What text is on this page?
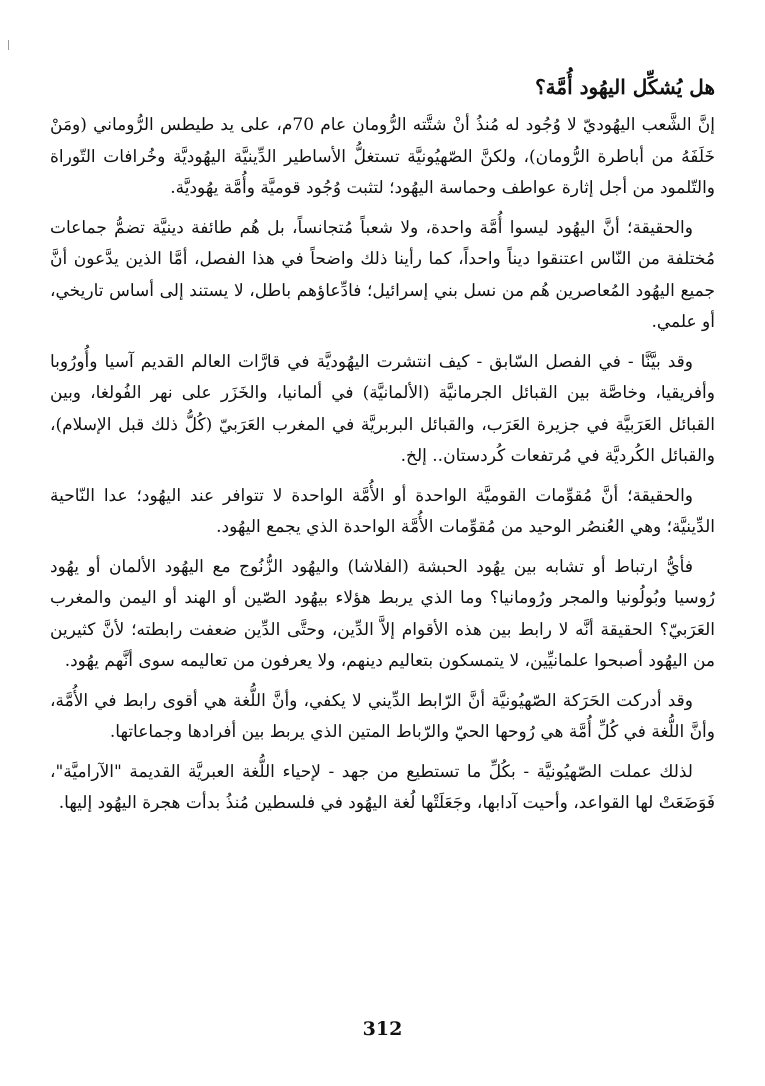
هل يُشكِّل اليهُود أُمَّة؟

إنَّ الشَّعب اليهُوديّ لا وُجُود له مُنذُ أنْ شتَّته الرُّومان عام 70م، على يد طيطس الرُّوماني (ومَنْ خَلَفَهُ من أباطرة الرُّومان)، ولكنَّ الصّهيُونيَّة تستغلُّ الأساطير الدِّينيَّة اليهُوديَّة وخُرافات التّوراة والتّلمود من أجل إثارة عواطف وحماسة اليهُود؛ لتثبت وُجُود قوميَّة وأُمَّة يهُوديَّة.

والحقيقة؛ أنَّ اليهُود ليسوا أُمَّة واحدة، ولا شعباً مُتجانساً، بل هُم طائفة دينيَّة تضمُّ جماعات مُختلفة من النّاس اعتنقوا ديناً واحداً، كما رأينا ذلك واضحاً في هذا الفصل، أمَّا الذين يدَّعون أنَّ جميع اليهُود المُعاصرين هُم من نسل بني إسرائيل؛ فادِّعاؤهم باطل، لا يستند إلى أساس تاريخي، أو علمي.

وقد بيَّنَّا - في الفصل السّابق - كيف انتشرت اليهُوديَّة في قارَّات العالم القديم آسيا وأُورُوبا وأفريقيا، وخاصَّة بين القبائل الجرمانيَّة (الألمانيَّة) في ألمانيا، والخَزَر على نهر الفُولغا، وبين القبائل العَرَبيَّة في جزيرة العَرَب، والقبائل البربريَّة في المغرب العَرَبيّ (كُلُّ ذلك قبل الإسلام)، والقبائل الكُرديَّة في مُرتفعات كُردستان.. إلخ.

والحقيقة؛ أنَّ مُقوِّمات القوميَّة الواحدة أو الأُمَّة الواحدة لا تتوافر عند اليهُود؛ عدا النّاحية الدِّينيَّة؛ وهي العُنصُر الوحيد من مُقوِّمات الأُمَّة الواحدة الذي يجمع اليهُود.

فأيُّ ارتباط أو تشابه بين يهُود الحبشة (الفلاشا) واليهُود الزُّنُوج مع اليهُود الألمان أو يهُود رُوسيا وبُولُونيا والمجر ورُومانيا؟ وما الذي يربط هؤلاء بيهُود الصّين أو الهند أو اليمن والمغرب العَرَبيّ؟ الحقيقة أنَّه لا رابط بين هذه الأقوام إلاَّ الدِّين، وحتَّى الدِّين ضعفت رابطته؛ لأنَّ كثيرين من اليهُود أصبحوا علمانيِّين، لا يتمسكون بتعاليم دينهم، ولا يعرفون من تعاليمه سوى أنَّهم يهُود.

وقد أدركت الحَرَكة الصّهيُونيَّة أنَّ الرّابط الدِّيني لا يكفي، وأنَّ اللُّغة هي أقوى رابط في الأُمَّة، وأنَّ اللُّغة في كُلِّ أُمَّة هي رُوحها الحيّ والرّباط المتين الذي يربط بين أفرادها وجماعاتها.

لذلك عملت الصّهيُونيَّة - بكُلِّ ما تستطيع من جهد - لإحياء اللُّغة العبريَّة القديمة "الآراميَّة"، فَوَضَعَتْ لها القواعد، وأحيت آدابها، وجَعَلَتْها لُغة اليهُود في فلسطين مُنذُ بدأت هجرة اليهُود إليها.

312
